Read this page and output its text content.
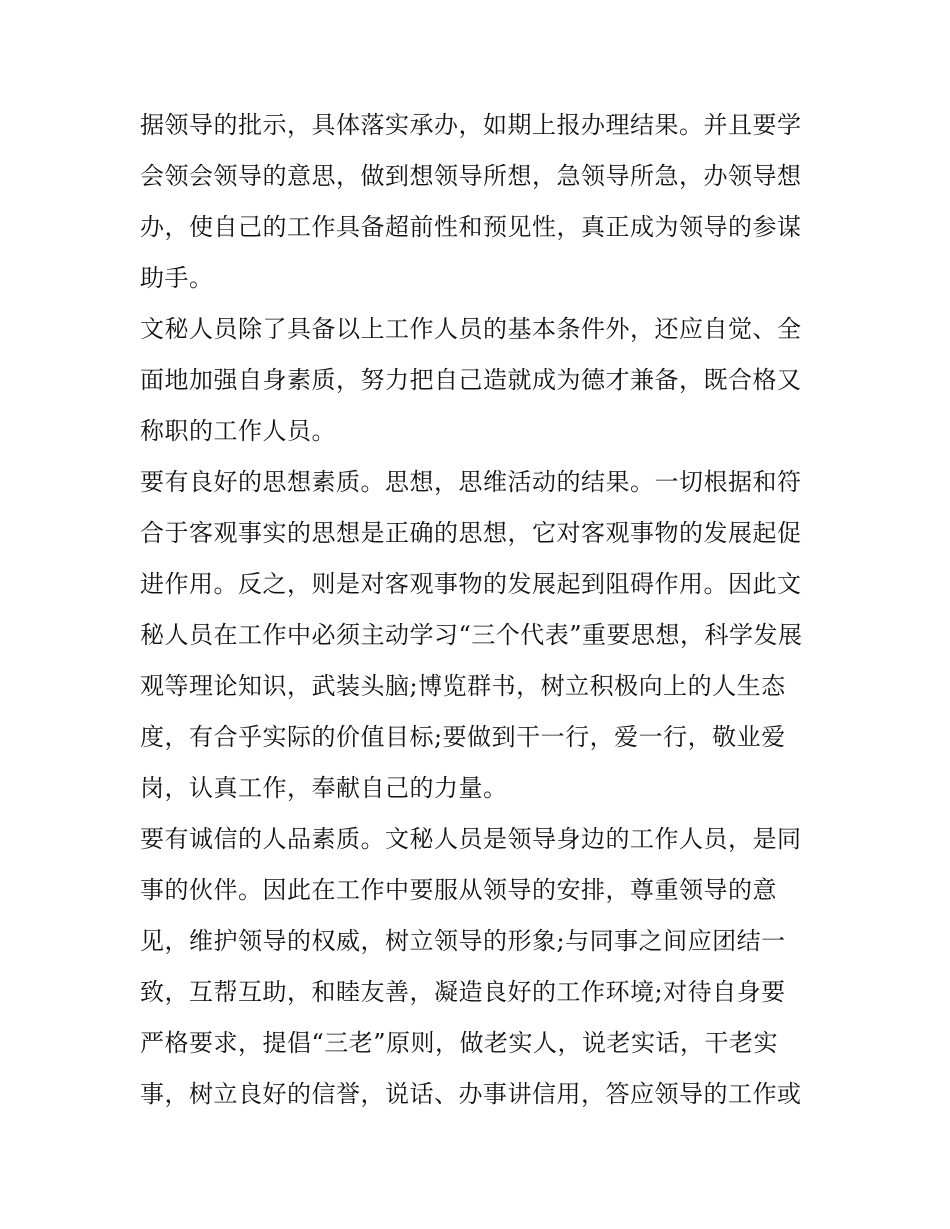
据领导的批示，具体落实承办，如期上报办理结果。并且要学
会领会领导的意思，做到想领导所想，急领导所急，办领导想
办，使自己的工作具备超前性和预见性，真正成为领导的参谋
助手。
文秘人员除了具备以上工作人员的基本条件外，还应自觉、全
面地加强自身素质，努力把自己造就成为德才兼备，既合格又
称职的工作人员。
要有良好的思想素质。思想，思维活动的结果。一切根据和符
合于客观事实的思想是正确的思想，它对客观事物的发展起促
进作用。反之，则是对客观事物的发展起到阻碍作用。因此文
秘人员在工作中必须主动学习“三个代表”重要思想，科学发展
观等理论知识，武装头脑;博览群书，树立积极向上的人生态
度，有合乎实际的价值目标;要做到干一行，爱一行，敬业爱
岗，认真工作，奉献自己的力量。
要有诚信的人品素质。文秘人员是领导身边的工作人员，是同
事的伙伴。因此在工作中要服从领导的安排，尊重领导的意
见，维护领导的权威，树立领导的形象;与同事之间应团结一
致，互帮互助，和睦友善，凝造良好的工作环境;对待自身要
严格要求，提倡“三老”原则，做老实人，说老实话，干老实
事，树立良好的信誉，说话、办事讲信用，答应领导的工作或
